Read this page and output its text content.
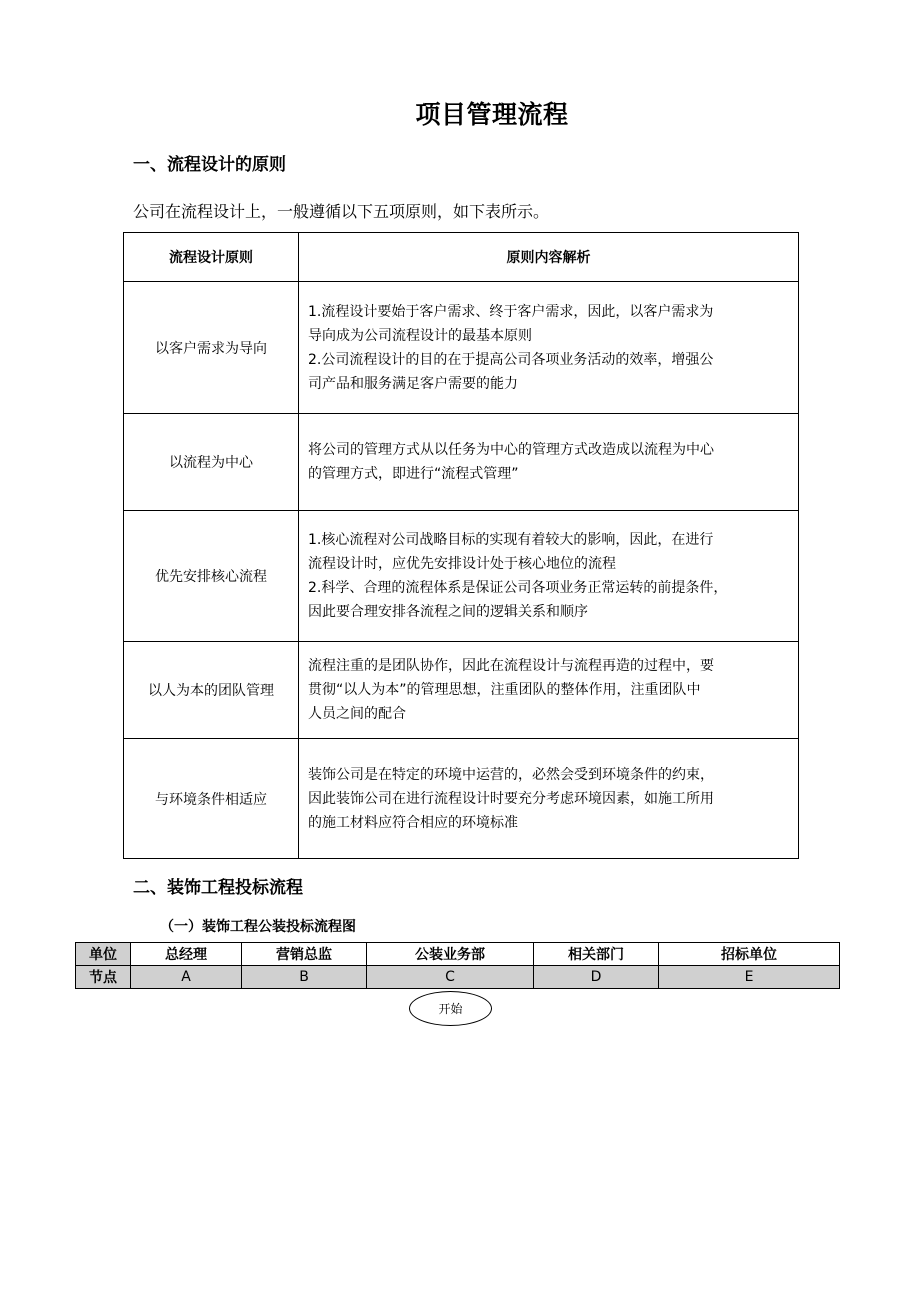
项目管理流程
一、流程设计的原则
公司在流程设计上，一般遵循以下五项原则，如下表所示。
流程设计原则	原则内容解析
以客户需求为导向	1.流程设计要始于客户需求、终于客户需求，因此，以客户需求为
导向成为公司流程设计的最基本原则
2.公司流程设计的目的在于提高公司各项业务活动的效率，增强公
司产品和服务满足客户需要的能力

以流程为中心	将公司的管理方式从以任务为中心的管理方式改造成以流程为中心
的管理方式，即进行“流程式管理”

优先安排核心流程	1.核心流程对公司战略目标的实现有着较大的影响，因此，在进行
流程设计时，应优先安排设计处于核心地位的流程
2.科学、合理的流程体系是保证公司各项业务正常运转的前提条件，
因此要合理安排各流程之间的逻辑关系和顺序

以人为本的团队管理	流程注重的是团队协作，因此在流程设计与流程再造的过程中，要
贯彻“以人为本”的管理思想，注重团队的整体作用，注重团队中
人员之间的配合

与环境条件相适应	装饰公司是在特定的环境中运营的，必然会受到环境条件的约束，
因此装饰公司在进行流程设计时要充分考虑环境因素，如施工所用
的施工材料应符合相应的环境标准
二、装饰工程投标流程
（一）装饰工程公装投标流程图
单位	总经理	营销总监	公装业务部	相关部门	招标单位
节点	A	B	C	D	E
开始
